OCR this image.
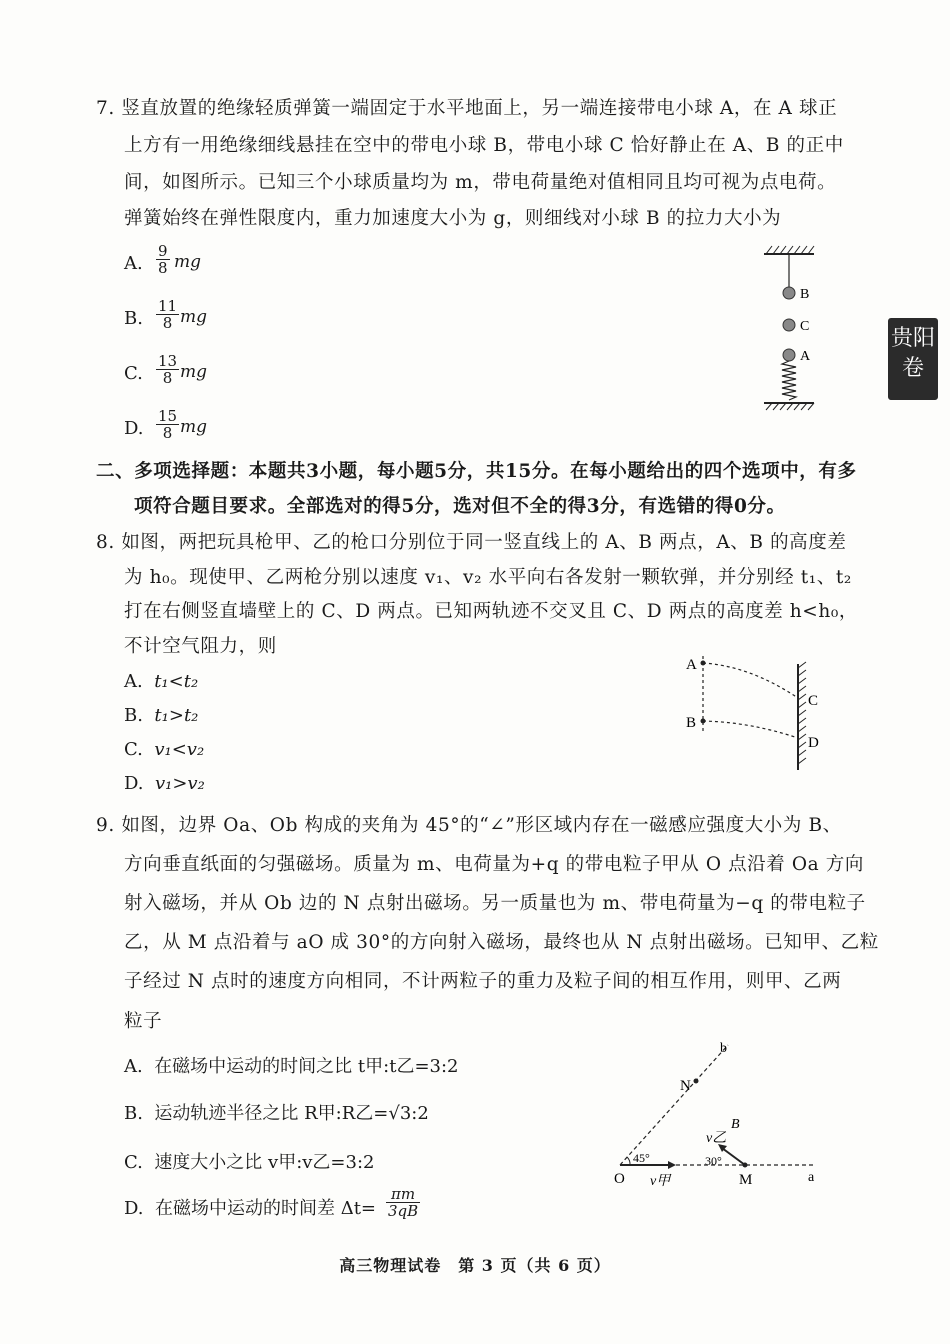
贵阳
卷
7. 竖直放置的绝缘轻质弹簧一端固定于水平地面上，另一端连接带电小球 A，在 A 球正
上方有一用绝缘细线悬挂在空中的带电小球 B，带电小球 C 恰好静止在 A、B 的正中
间，如图所示。已知三个小球质量均为 m，带电荷量绝对值相同且均可视为点电荷。
弹簧始终在弹性限度内，重力加速度大小为 g，则细线对小球 B 的拉力大小为
A. $\frac{9}{8}$ mg
B. $\frac{11}{8}$ mg
C. $\frac{13}{8}$ mg
D. $\frac{15}{8}$ mg
B
C
A
二、多项选择题：本题共3小题，每小题5分，共15分。在每小题给出的四个选项中，有多
项符合题目要求。全部选对的得5分，选对但不全的得3分，有选错的得0分。
8. 如图，两把玩具枪甲、乙的枪口分别位于同一竖直线上的 A、B 两点，A、B 的高度差
为 h₀。现使甲、乙两枪分别以速度 v₁、v₂ 水平向右各发射一颗软弹，并分别经 t₁、t₂
打在右侧竖直墙壁上的 C、D 两点。已知两轨迹不交叉且 C、D 两点的高度差 h<h₀，
不计空气阻力，则
A. t₁<t₂
B. t₁>t₂
C. v₁<v₂
D. v₁>v₂
A
B
C
D
9. 如图，边界 Oa、Ob 构成的夹角为 45°的“∠”形区域内存在一磁感应强度大小为 B、
方向垂直纸面的匀强磁场。质量为 m、电荷量为+q 的带电粒子甲从 O 点沿着 Oa 方向
射入磁场，并从 Ob 边的 N 点射出磁场。另一质量也为 m、带电荷量为−q 的带电粒子
乙，从 M 点沿着与 aO 成 30°的方向射入磁场，最终也从 N 点射出磁场。已知甲、乙粒
子经过 N 点时的速度方向相同，不计两粒子的重力及粒子间的相互作用，则甲、乙两
粒子
A. 在磁场中运动的时间之比 t甲:t乙=3:2
B. 运动轨迹半径之比 R甲:R乙=√3:2
C. 速度大小之比 v甲:v乙=3:2
D. 在磁场中运动的时间差 $\Delta t= \frac{\pi m}{3qB}$
b
N
B
45°
O v甲
v乙
30°
M	a
高三物理试卷　第 3 页（共 6 页）
